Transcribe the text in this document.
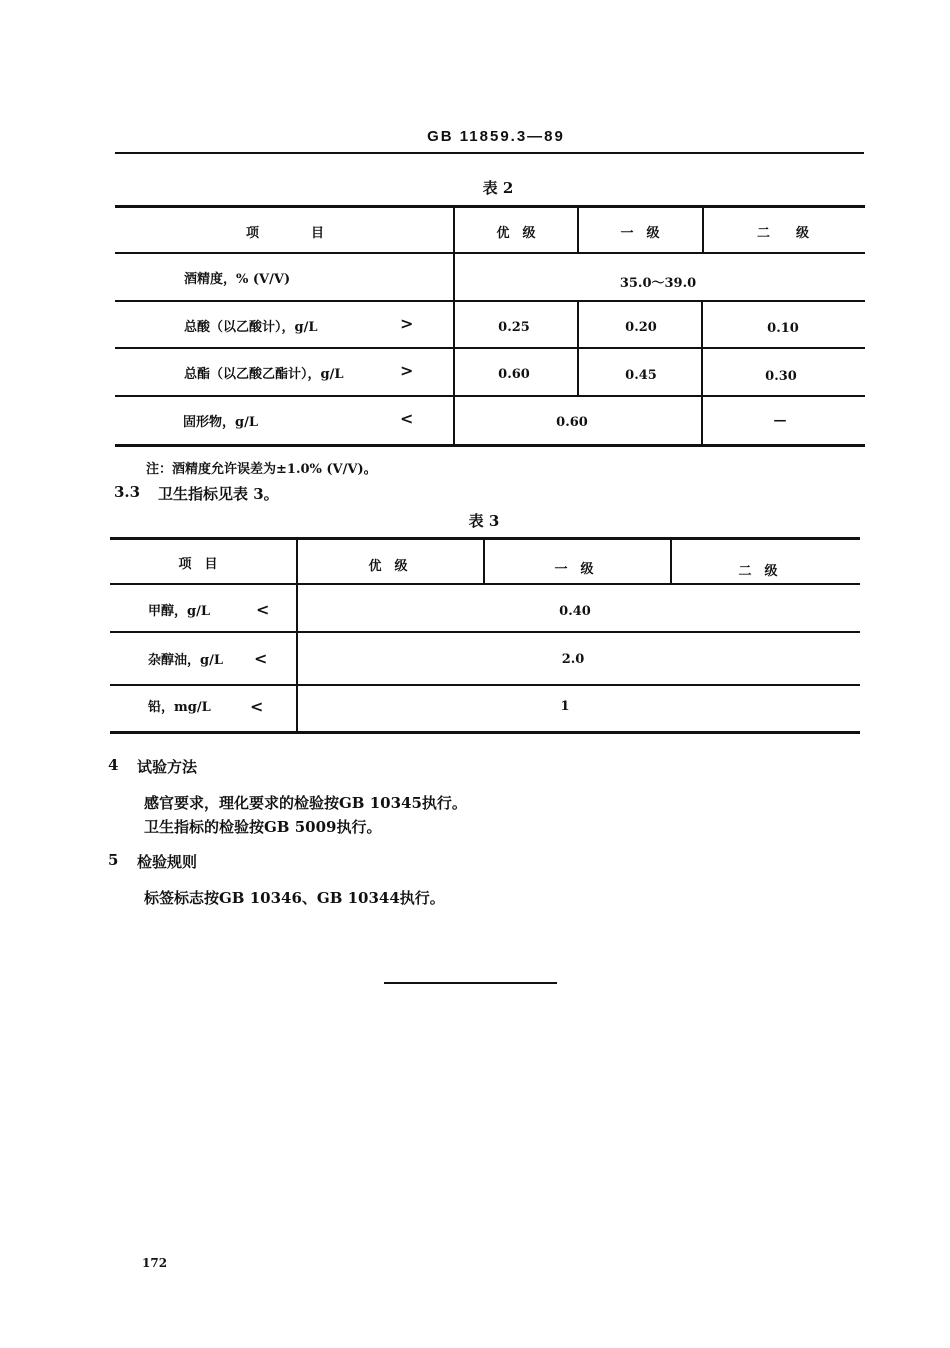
GB 11859.3—89
表 2
项　　　　目	优　级	一　级	二　　级
酒精度，% (V/V)	35.0～39.0
总酸（以乙酸计），g/L	>	0.25	0.20	0.10
总酯（以乙酸乙酯计），g/L	>	0.60	0.45	0.30
固形物，g/L	<	0.60	—
注：酒精度允许误差为±1.0% (V/V)。
3.3 卫生指标见表 3。
表 3
项　目	优　级	一　级	二　级
甲醇，g/L	<	0.40
杂醇油，g/L <	2.0
铅，mg/L <	1
4 试验方法
感官要求，理化要求的检验按GB 10345执行。
卫生指标的检验按GB 5009执行。
5 检验规则
标签标志按GB 10346、GB 10344执行。
172
